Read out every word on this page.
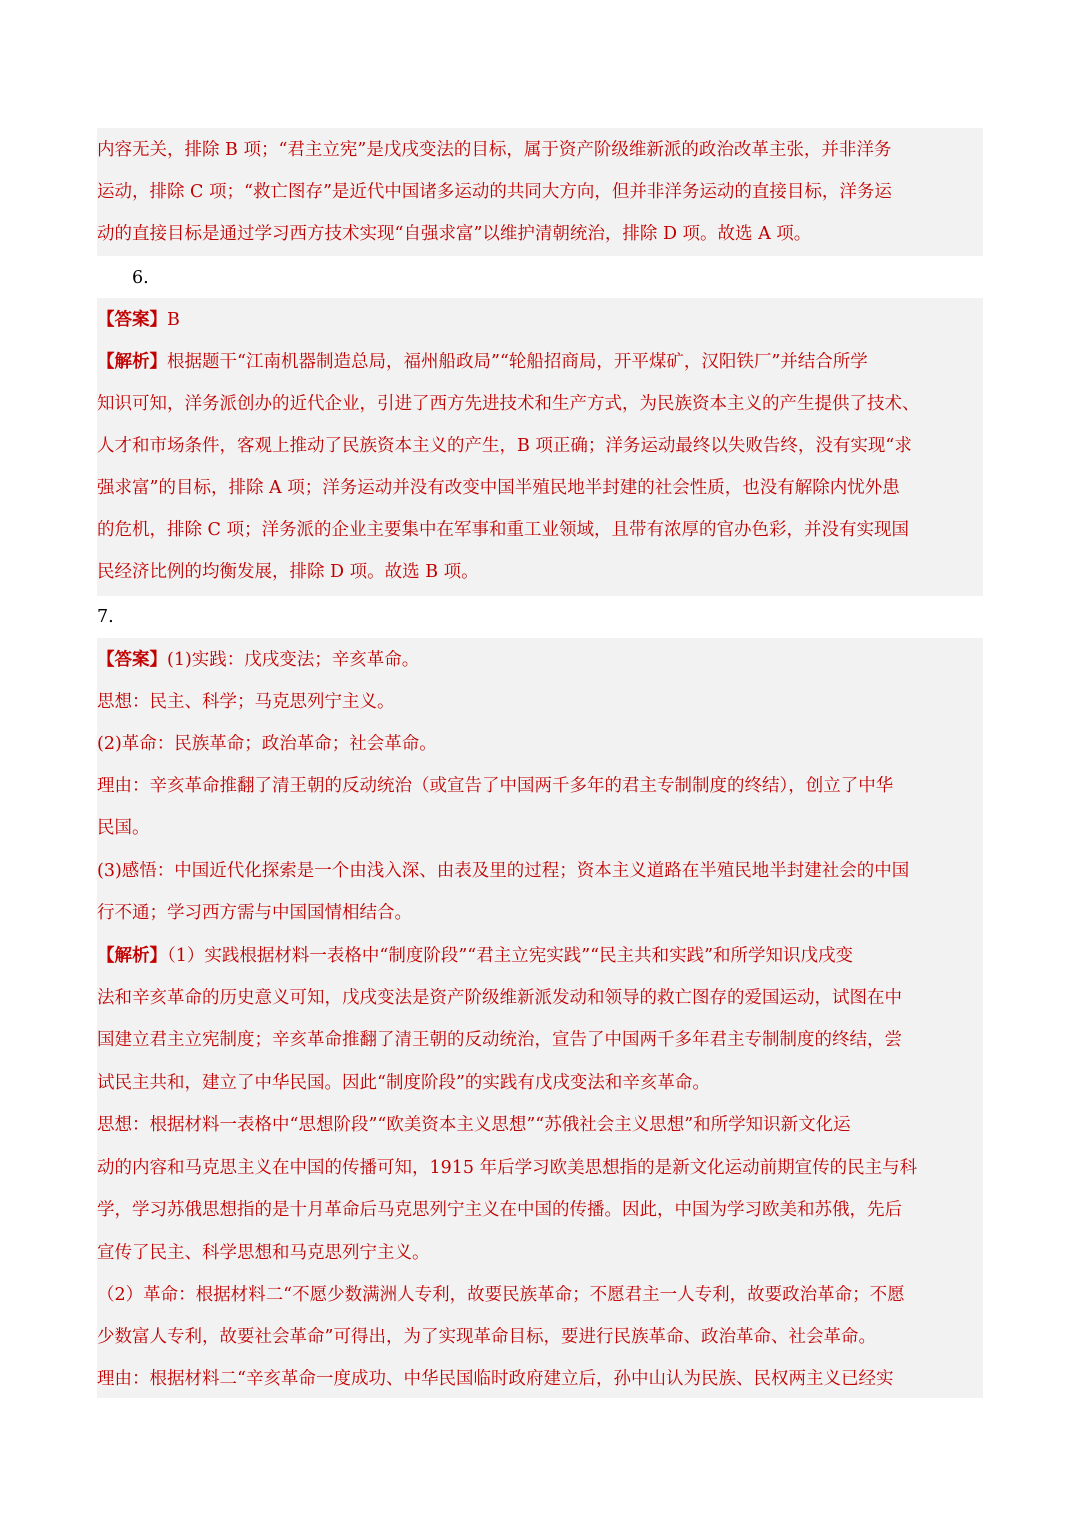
内容无关，排除 B 项；“君主立宪”是戊戌变法的目标，属于资产阶级维新派的政治改革主张，并非洋务
运动，排除 C 项；“救亡图存”是近代中国诸多运动的共同大方向，但并非洋务运动的直接目标，洋务运
动的直接目标是通过学习西方技术实现“自强求富”以维护清朝统治，排除 D 项。故选 A 项。
6.
【答案】B
【解析】根据题干“江南机器制造总局，福州船政局”“轮船招商局，开平煤矿，汉阳铁厂”并结合所学
知识可知，洋务派创办的近代企业，引进了西方先进技术和生产方式，为民族资本主义的产生提供了技术、
人才和市场条件，客观上推动了民族资本主义的产生，B 项正确；洋务运动最终以失败告终，没有实现“求
强求富”的目标，排除 A 项；洋务运动并没有改变中国半殖民地半封建的社会性质，也没有解除内忧外患
的危机，排除 C 项；洋务派的企业主要集中在军事和重工业领域，且带有浓厚的官办色彩，并没有实现国
民经济比例的均衡发展，排除 D 项。故选 B 项。
7.
【答案】(1)实践：戊戌变法；辛亥革命。
思想：民主、科学；马克思列宁主义。
(2)革命：民族革命；政治革命；社会革命。
理由：辛亥革命推翻了清王朝的反动统治（或宣告了中国两千多年的君主专制制度的终结），创立了中华
民国。
(3)感悟：中国近代化探索是一个由浅入深、由表及里的过程；资本主义道路在半殖民地半封建社会的中国
行不通；学习西方需与中国国情相结合。
【解析】（1）实践根据材料一表格中“制度阶段”“君主立宪实践”“民主共和实践”和所学知识戊戌变
法和辛亥革命的历史意义可知，戊戌变法是资产阶级维新派发动和领导的救亡图存的爱国运动，试图在中
国建立君主立宪制度；辛亥革命推翻了清王朝的反动统治，宣告了中国两千多年君主专制制度的终结，尝
试民主共和，建立了中华民国。因此“制度阶段”的实践有戊戌变法和辛亥革命。
思想：根据材料一表格中“思想阶段”“欧美资本主义思想”“苏俄社会主义思想”和所学知识新文化运
动的内容和马克思主义在中国的传播可知，1915 年后学习欧美思想指的是新文化运动前期宣传的民主与科
学，学习苏俄思想指的是十月革命后马克思列宁主义在中国的传播。因此，中国为学习欧美和苏俄，先后
宣传了民主、科学思想和马克思列宁主义。
（2）革命：根据材料二“不愿少数满洲人专利，故要民族革命；不愿君主一人专利，故要政治革命；不愿
少数富人专利，故要社会革命”可得出，为了实现革命目标，要进行民族革命、政治革命、社会革命。
理由：根据材料二“辛亥革命一度成功、中华民国临时政府建立后，孙中山认为民族、民权两主义已经实
